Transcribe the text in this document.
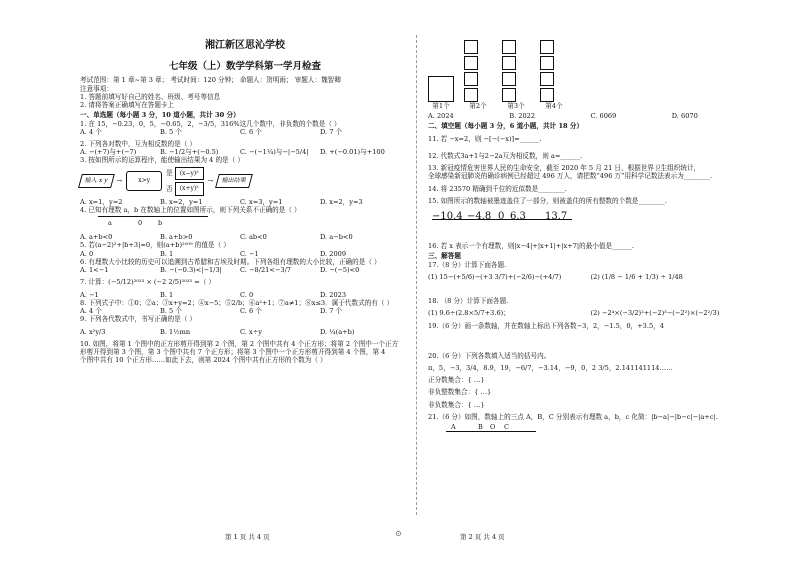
湘江新区思沁学校
七年级（上）数学学科第一学月检查
考试范围：第 1 章~第 3 章； 考试时间：120 分钟； 命题人：贺明雨； 审题人：魏智卿
注意事项：
1. 答题前填写好自己的姓名、班级、考号等信息
2. 请将答案正确填写在答题卡上
一、单选题（每小题 3 分，10 道小题，共计 30 分）
1. 在 15，−0.23，0，5，−0.65，2，−3/5，316%这几个数中，非负数的个数是（ ）
A. 4 个	B. 5 个	C. 6 个	D. 7 个
2. 下列各对数中，互为相反数的是（ ）
A. −(+7)与+(−7)	B. −1/2与+(−0.5)	C. −(−1¼)与−|−5/4|	D. +(−0.01)与+100
3. 按如图所示的运算程序，能使输出结果为 4 的是（ ）
输入 x y	→	x>y
是	(x−y)²
否	(x+y)²
→	输出结果
A. x=1，y=2	B. x=2，y=1	C. x=3，y=1	D. x=2，y=3
4. 已知有理数 a，b 在数轴上的位置如图所示，则下列关系不正确的是（ ）
a	0 b
A. a+b<0	B. a+b>0	C. ab<0	D. a−b<0
5. 若(a−2)²+|b+3|=0，则(a+b)²⁰⁰⁹ 的值是（ ）
A. 0	B. 1	C. −1	D. 2009
6. 有理数大小比较的历史可以追溯到古希腊和古埃及时期。下列各组有理数的大小比较，正确的是（ ）
A. 1<−1	B. −(−0.3)<|−1/3|	C. −8/21<−3/7	D. −(−5)<0
7. 计算：(−5/12)²⁰²³ × (−2 2/5)²⁰²³ =（ ）
A. −1	B. 1	C. 0	D. 2023
8. 下列式子中：①0；②a；③x+y=2；④x−5；⑤2/b；⑥a²+1；⑦a≠1；⑧x≤3．属于代数式的有（ ）
A. 4 个	B. 5 个	C. 6 个	D. 7 个
9. 下列各代数式中，书写正确的是（ ）
A. x²y/3	B. 1½mn	C. x÷y	D. ¼(a+b)
10. 如图，将第 1 个图中的正方形剪开得到第 2 个图，第 2 个图中共有 4 个正方形；将第 2 个图中一个正方
形剪开得到第 3 个图，第 3 个图中共有 7 个正方形；将第 3 个图中一个正方形剪开得到第 4 个图，第 4
个图中共有 10 个正方形……如此下去，则第 2024 个图中共有正方形的个数为（ ）
第1个	第2个	第3个	第4个
A. 2024	B. 2022	C. 6069	D. 6070
二、填空题（每小题 3 分，6 道小题，共计 18 分）
11. 若 −x=2，则 −[−(−x)]=______.
12. 代数式3a+1与2−2a互为相反数，则 a=______.
13. 新冠疫情危害世界人民的生命安全，截至 2020 年 5 月 21 日，根据世界卫生组织统计，
全球感染新冠肺炎的确诊病例已经超过 496 万人，请把数“496 万”用科学记数法表示为________.
14. 将 23570 精确到千位的近似数是________.
15. 如图所示的数轴被墨迹盖住了一部分，则被盖住的所有整数的个数是________.
−10.4 −4.8 0 6.3 13.7
16. 若 x 表示一个有理数，则|x−4|+|x+1|+|x+7|的最小值是______.
三、解答题
17.（8 分）计算下面各题.
(1) 15−(+5/6)−(+3 3/7)+(−2/6)−(+4/7)	(2) (1/8 − 1/6 + 1/3) ÷ 1/48
18. （8 分）计算下面各题.
(1) 9.6÷(2.8×5/7+3.6)；	(2) −2⁴×(−3/2)²+(−2)³−(−2²)×(−2²/3)
19.（6 分）画一条数轴，并在数轴上标出下列各数−3，2，−1.5，0，+3.5，4
20.（6 分）下列各数填入适当的括号内。
π，5，−3，3/4，8.9，19，−6/7，−3.14，−9，0，2 3/5，2.141141114……
正分数集合：{ …}
非负整数集合：{ …}
非负数集合：{ …}
21.（6 分）如图，数轴上的三点 A，B，C 分别表示有理数 a，b，c 化简：|b−a|−|b−c|−|a+c|.
A	B O C
第 1 页 共 4 页	⊙	第 2 页 共 4 页
